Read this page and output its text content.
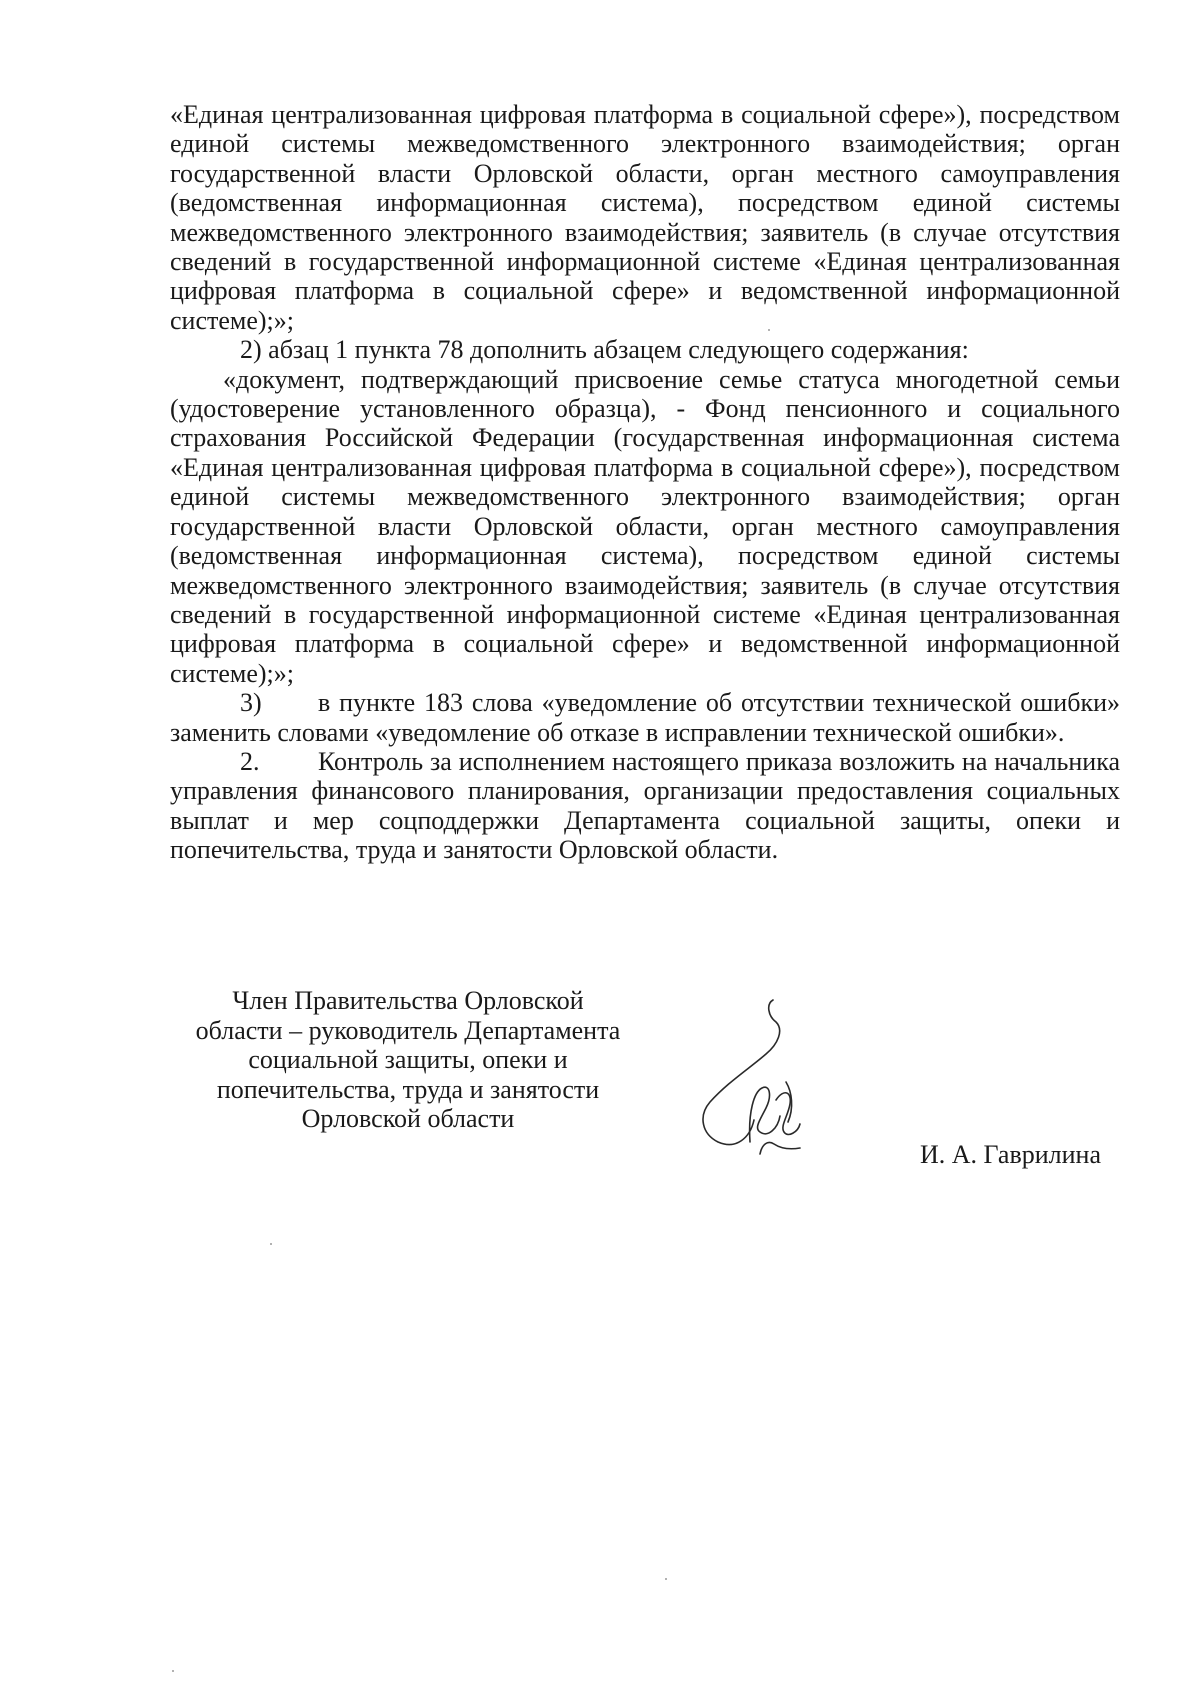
«Единая централизованная цифровая платформа в социальной сфере»), посредством единой системы межведомственного электронного взаимодействия; орган государственной власти Орловской области, орган местного самоуправления (ведомственная информационная система), посредством единой системы межведомственного электронного взаимодействия; заявитель (в случае отсутствия сведений в государственной информационной системе «Единая централизованная цифровая платформа в социальной сфере» и ведомственной информационной системе);»;

2) абзац 1 пункта 78 дополнить абзацем следующего содержания:

«документ, подтверждающий присвоение семье статуса многодетной семьи (удостоверение установленного образца), - Фонд пенсионного и социального страхования Российской Федерации (государственная информационная система «Единая централизованная цифровая платформа в социальной сфере»), посредством единой системы межведомственного электронного взаимодействия; орган государственной власти Орловской области, орган местного самоуправления (ведомственная информационная система), посредством единой системы межведомственного электронного взаимодействия; заявитель (в случае отсутствия сведений в государственной информационной системе «Единая централизованная цифровая платформа в социальной сфере» и ведомственной информационной системе);»;

3) в пункте 183 слова «уведомление об отсутствии технической ошибки» заменить словами «уведомление об отказе в исправлении технической ошибки».

2. Контроль за исполнением настоящего приказа возложить на начальника управления финансового планирования, организации предоставления социальных выплат и мер соцподдержки Департамента социальной защиты, опеки и попечительства, труда и занятости Орловской области.

Член Правительства Орловской
области – руководитель Департамента
социальной защиты, опеки и
попечительства, труда и занятости
Орловской области
И. А. Гаврилина
